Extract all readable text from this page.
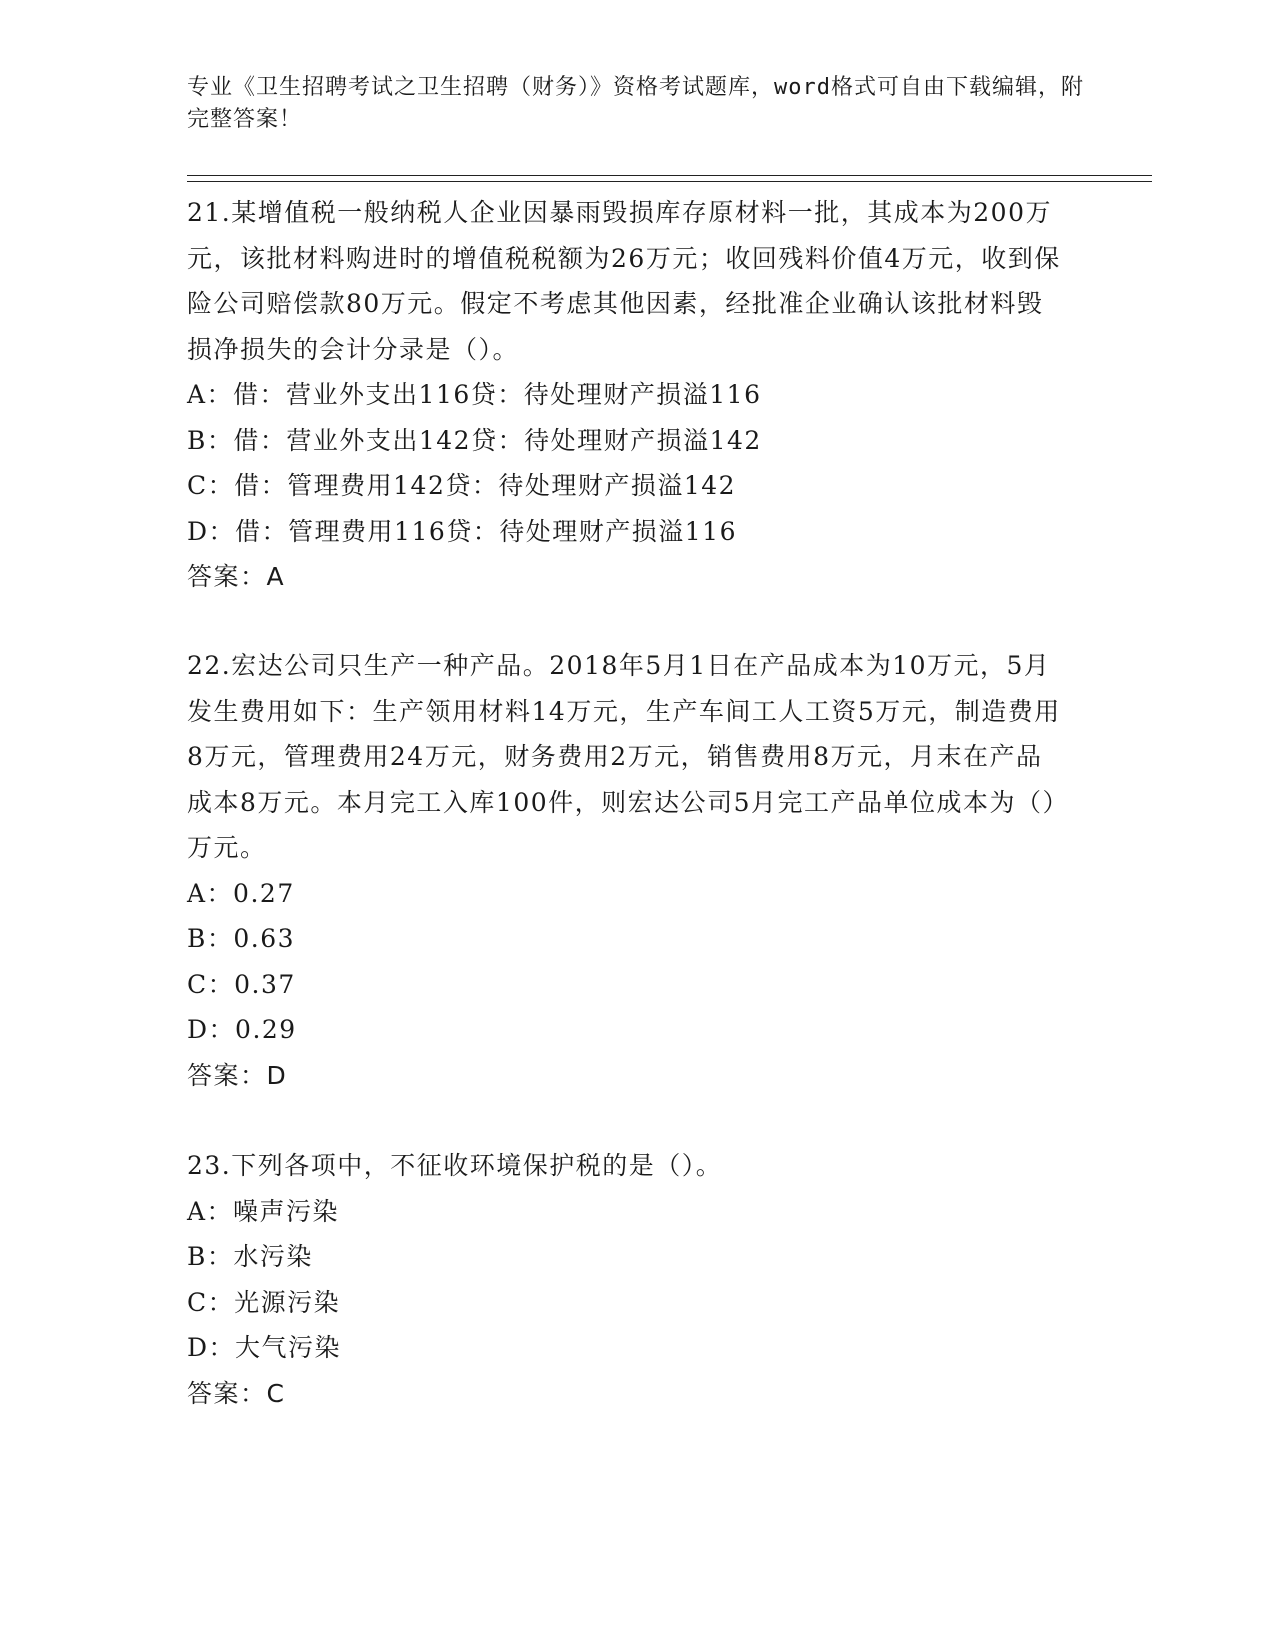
专业《卫生招聘考试之卫生招聘（财务）》资格考试题库，word格式可自由下载编辑，附完整答案！

21.某增值税一般纳税人企业因暴雨毁损库存原材料一批，其成本为200万元，该批材料购进时的增值税税额为26万元；收回残料价值4万元，收到保险公司赔偿款80万元。假定不考虑其他因素，经批准企业确认该批材料毁损净损失的会计分录是（）。

A：借：营业外支出116贷：待处理财产损溢116

B：借：营业外支出142贷：待处理财产损溢142

C：借：管理费用142贷：待处理财产损溢142

D：借：管理费用116贷：待处理财产损溢116

答案：A

22.宏达公司只生产一种产品。2018年5月1日在产品成本为10万元，5月发生费用如下：生产领用材料14万元，生产车间工人工资5万元，制造费用8万元，管理费用24万元，财务费用2万元，销售费用8万元，月末在产品成本8万元。本月完工入库100件，则宏达公司5月完工产品单位成本为（）万元。

A：0.27

B：0.63

C：0.37

D：0.29

答案：D

23.下列各项中，不征收环境保护税的是（）。

A：噪声污染

B：水污染

C：光源污染

D：大气污染

答案：C
